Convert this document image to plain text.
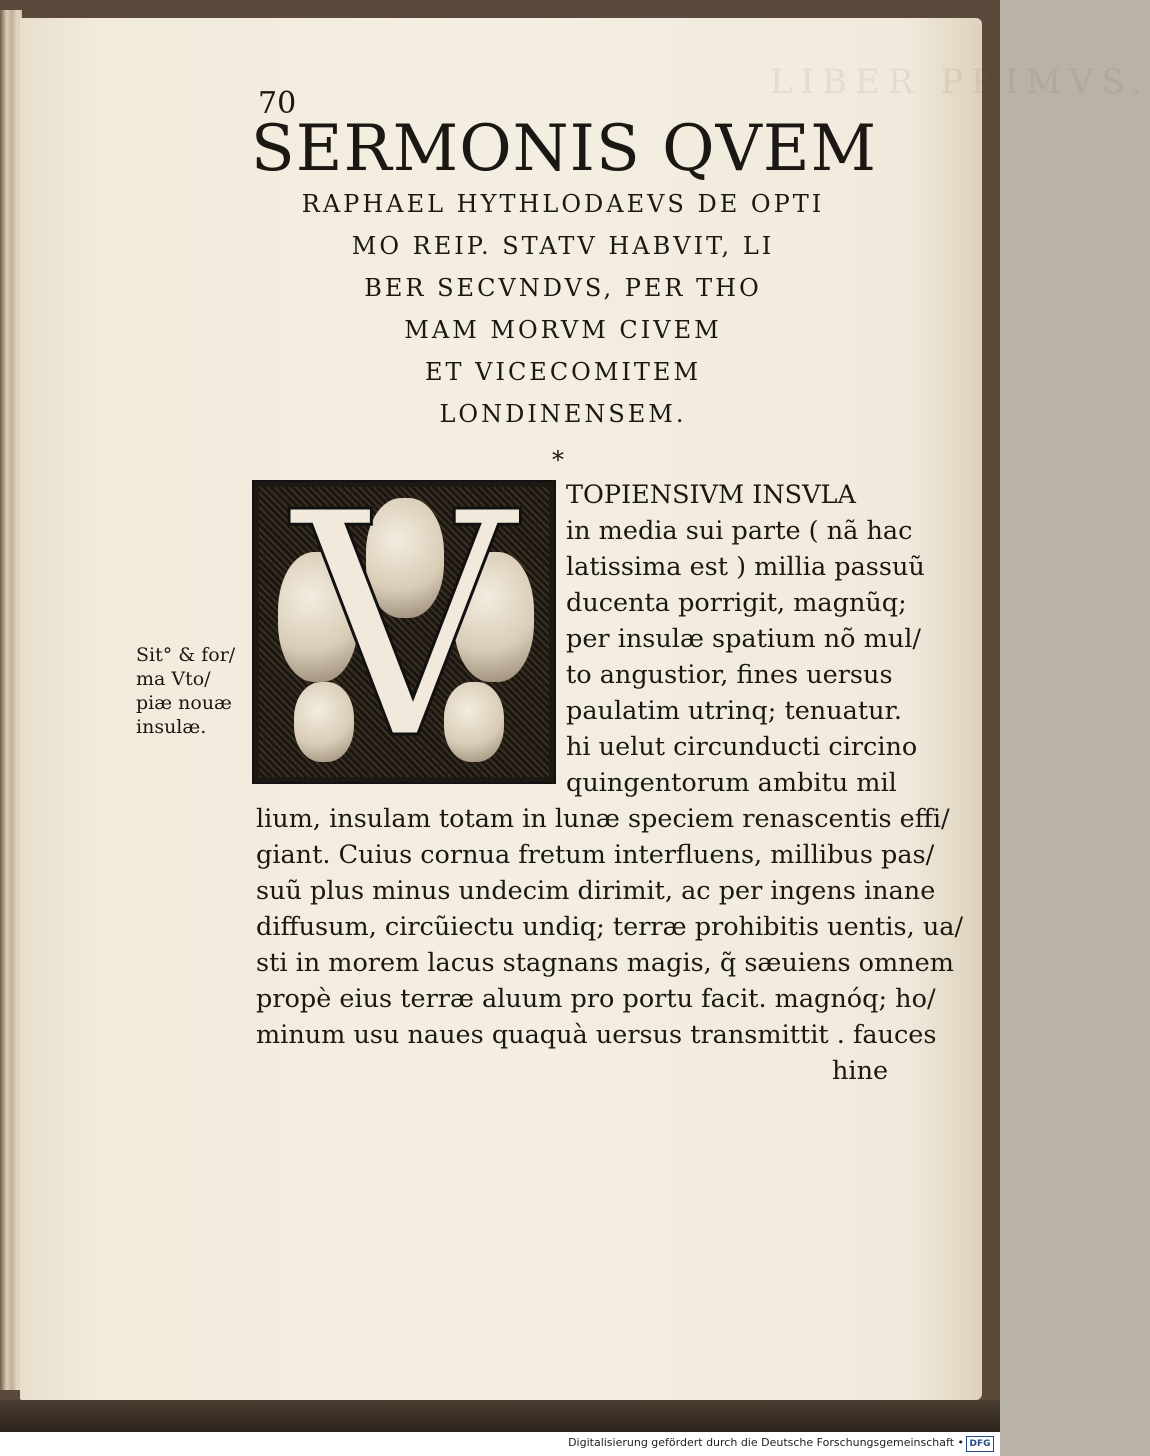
LIBER PRIMVS.
70
SERMONIS QVEM
RAPHAEL HYTHLODAEVS DE OPTI
MO REIP. STATV HABVIT, LI
BER SECVNDVS, PER THO
MAM MORVM CIVEM
ET VICECOMITEM
LONDINENSEM.
*
V	TOPIENSIVM INSVLA
in media sui parte ( nã hac
latissima est ) millia passuũ
ducenta porrigit, magnũq;
per insulæ spatium nõ mul/
to angustior, fines uersus
paulatim utrinq; tenuatur.
hi uelut circunducti circino
quingentorum ambitu mil
lium, insulam totam in lunæ speciem renascentis effi/
giant. Cuius cornua fretum interfluens, millibus pas/
suũ plus minus undecim dirimit, ac per ingens inane
diffusum, circũiectu undiq; terræ prohibitis uentis, ua/
sti in morem lacus stagnans magis, q̃ sæuiens omnem
propè eius terræ aluum pro portu facit. magnóq; ho/
minum usu naues quaquà uersus transmittit . fauces
hine
Sit° & for/
ma Vto/
piæ nouæ
insulæ.
Digitalisierung gefördert durch die Deutsche Forschungsgemeinschaft • DFG
